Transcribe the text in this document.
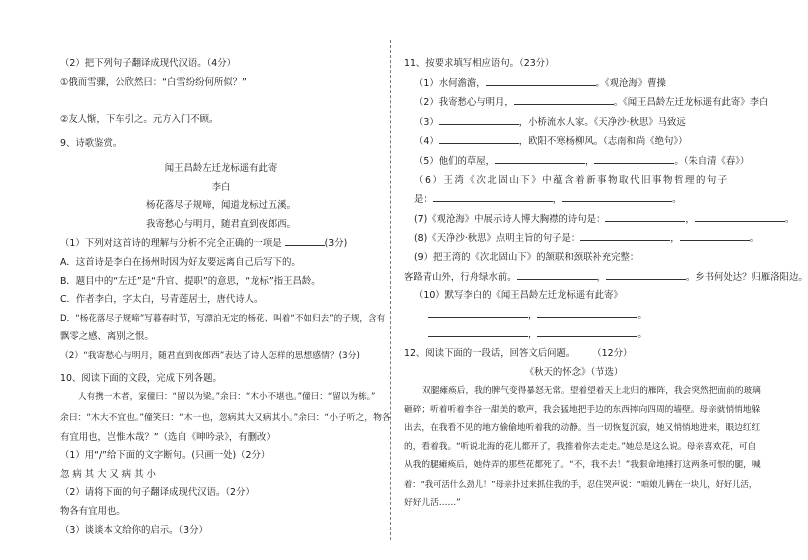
（2）把下列句子翻译成现代汉语。（4分）
①俄而雪骤，公欣然曰：“白雪纷纷何所似？”
②友人惭，下车引之。元方入门不顾。
9、诗歌鉴赏。
闻王昌龄左迁龙标遥有此寄
李白
杨花落尽子规啼，闻道龙标过五溪。
我寄愁心与明月，随君直到夜郎西。
（1）下列对这首诗的理解与分析不完全正确的一项是	(3分)
A．这首诗是李白在扬州时因为好友要远离自己后写下的。
B．题目中的“左迁”是“升官、提职”的意思，“龙标”指王昌龄。
C．作者李白，字太白，号青莲居士，唐代诗人。
D．“杨花落尽子规啼”写暮春时节，写漂泊无定的杨花、叫着“不如归去”的子规，含有
飘零之感、离别之恨。
（2）“我寄愁心与明月，随君直到夜郎西”表达了诗人怎样的思想感情？(3分)
10、阅读下面的文段，完成下列各题。
人有携一木者，家僮曰：“留以为梁。”余曰：“木小不堪也。”僮曰：“留以为栋。”
余曰：“木大不宜也。”僮笑曰：“木一也，忽病其大又病其小。”余曰：“小子听之，物各
有宜用也，岂惟木哉？”（选自《呻吟录》，有删改）
（1）用“/”给下面的文字断句。(只画一处)（2分）
忽 病 其 大 又 病 其 小
（2）请将下面的句子翻译成现代汉语。（2分）
物各有宜用也。
（3）谈谈本文给你的启示。（3分）
11、按要求填写相应语句。（23分）
（1）水何澹澹，	。《观沧海》曹操
（2）我寄愁心与明月，	。《闻王昌龄左迁龙标遥有此寄》李白
（3）	，小桥流水人家。《天净沙·秋思》马致远
（4）	，欧阳不寒杨柳风。（志南和尚《绝句》）
（5）他们的草屋，	，	。（朱自清《春》）
（6）王湾《次北固山下》中蕴含着新事物取代旧事物哲理的句子
是：	，	。
(7)《观沧海》中展示诗人博大胸襟的诗句是：	，	。
(8)《天净沙·秋思》点明主旨的句子是：	，	。
(9）把王湾的《次北固山下》的颔联和颈联补充完整：
客路青山外，行舟绿水前。	，	。乡书何处达？归雁洛阳边。
（10）默写李白的《闻王昌龄左迁龙标遥有此寄》
，	。
，	。
12、阅读下面的一段话，回答文后问题。 （12分）
《秋天的怀念》（节选）
双腿瘫痪后，我的脾气变得暴怒无常。望着望着天上北归的雁阵，我会突然把面前的玻璃
砸碎；听着听着李谷一甜美的歌声，我会猛地把手边的东西摔向四周的墙壁。母亲就悄悄地躲
出去，在我看不见的地方偷偷地听着我的动静。当一切恢复沉寂，她又悄悄地进来，眼边红红
的，看着我。“听说北海的花儿都开了，我推着你去走走。”她总是这么说。母亲喜欢花，可自
从我的腿瘫痪后，她侍弄的那些花都死了。“不，我不去！”我狠命地捶打这两条可恨的腿，喊
着：“我可活什么劲儿！”母亲扑过来抓住我的手，忍住哭声说：“咱娘儿俩在一块儿，好好儿活，
好好儿活……”
